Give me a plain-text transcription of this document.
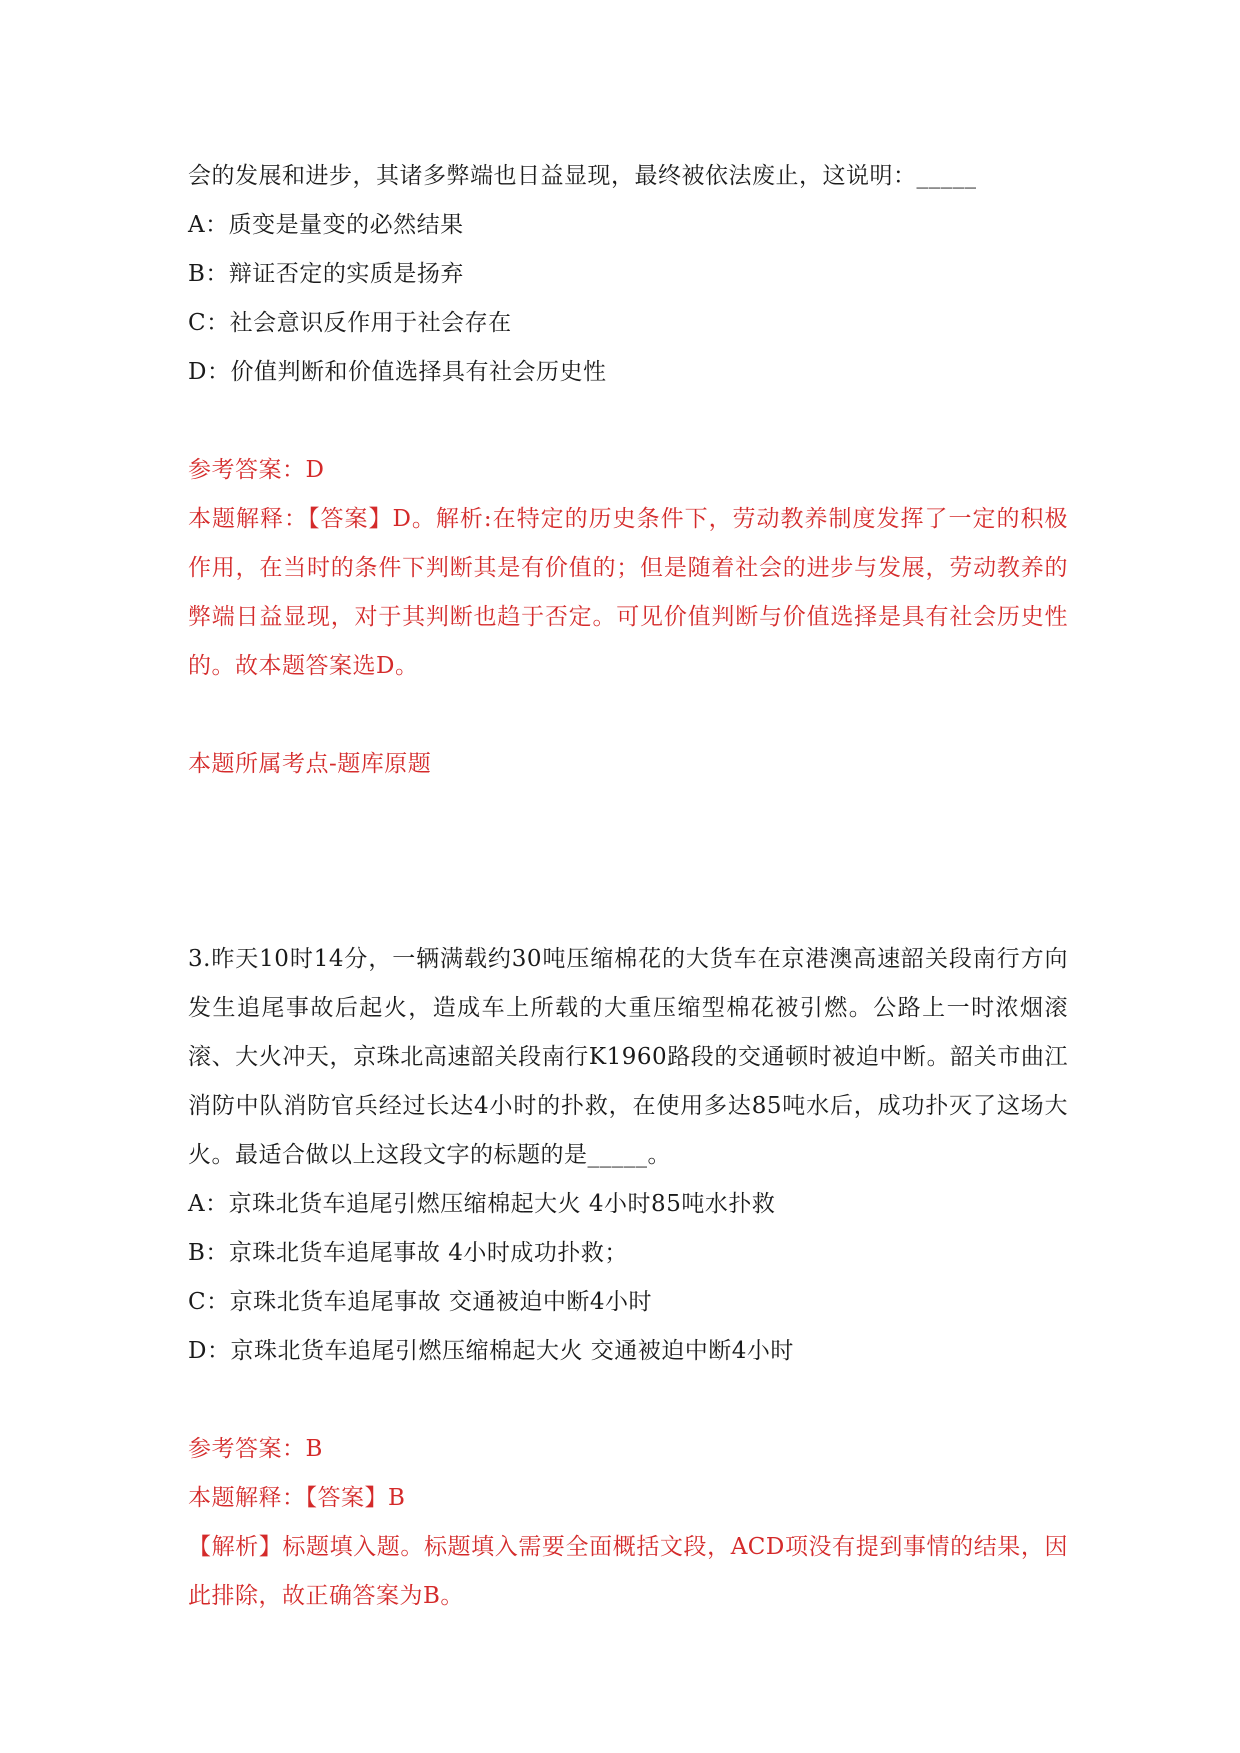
会的发展和进步，其诸多弊端也日益显现，最终被依法废止，这说明：_____
A：质变是量变的必然结果
B：辩证否定的实质是扬弃
C：社会意识反作用于社会存在
D：价值判断和价值选择具有社会历史性
参考答案：D
本题解释：【答案】D。解析:在特定的历史条件下，劳动教养制度发挥了一定的积极作用，在当时的条件下判断其是有价值的；但是随着社会的进步与发展，劳动教养的弊端日益显现，对于其判断也趋于否定。可见价值判断与价值选择是具有社会历史性的。故本题答案选D。
本题所属考点-题库原题
3.昨天10时14分，一辆满载约30吨压缩棉花的大货车在京港澳高速韶关段南行方向发生追尾事故后起火，造成车上所载的大重压缩型棉花被引燃。公路上一时浓烟滚滚、大火冲天，京珠北高速韶关段南行K1960路段的交通顿时被迫中断。韶关市曲江消防中队消防官兵经过长达4小时的扑救，在使用多达85吨水后，成功扑灭了这场大火。最适合做以上这段文字的标题的是_____。
A：京珠北货车追尾引燃压缩棉起大火 4小时85吨水扑救
B：京珠北货车追尾事故 4小时成功扑救；
C：京珠北货车追尾事故 交通被迫中断4小时
D：京珠北货车追尾引燃压缩棉起大火 交通被迫中断4小时
参考答案：B
本题解释：【答案】B
【解析】标题填入题。标题填入需要全面概括文段，ACD项没有提到事情的结果，因此排除，故正确答案为B。
